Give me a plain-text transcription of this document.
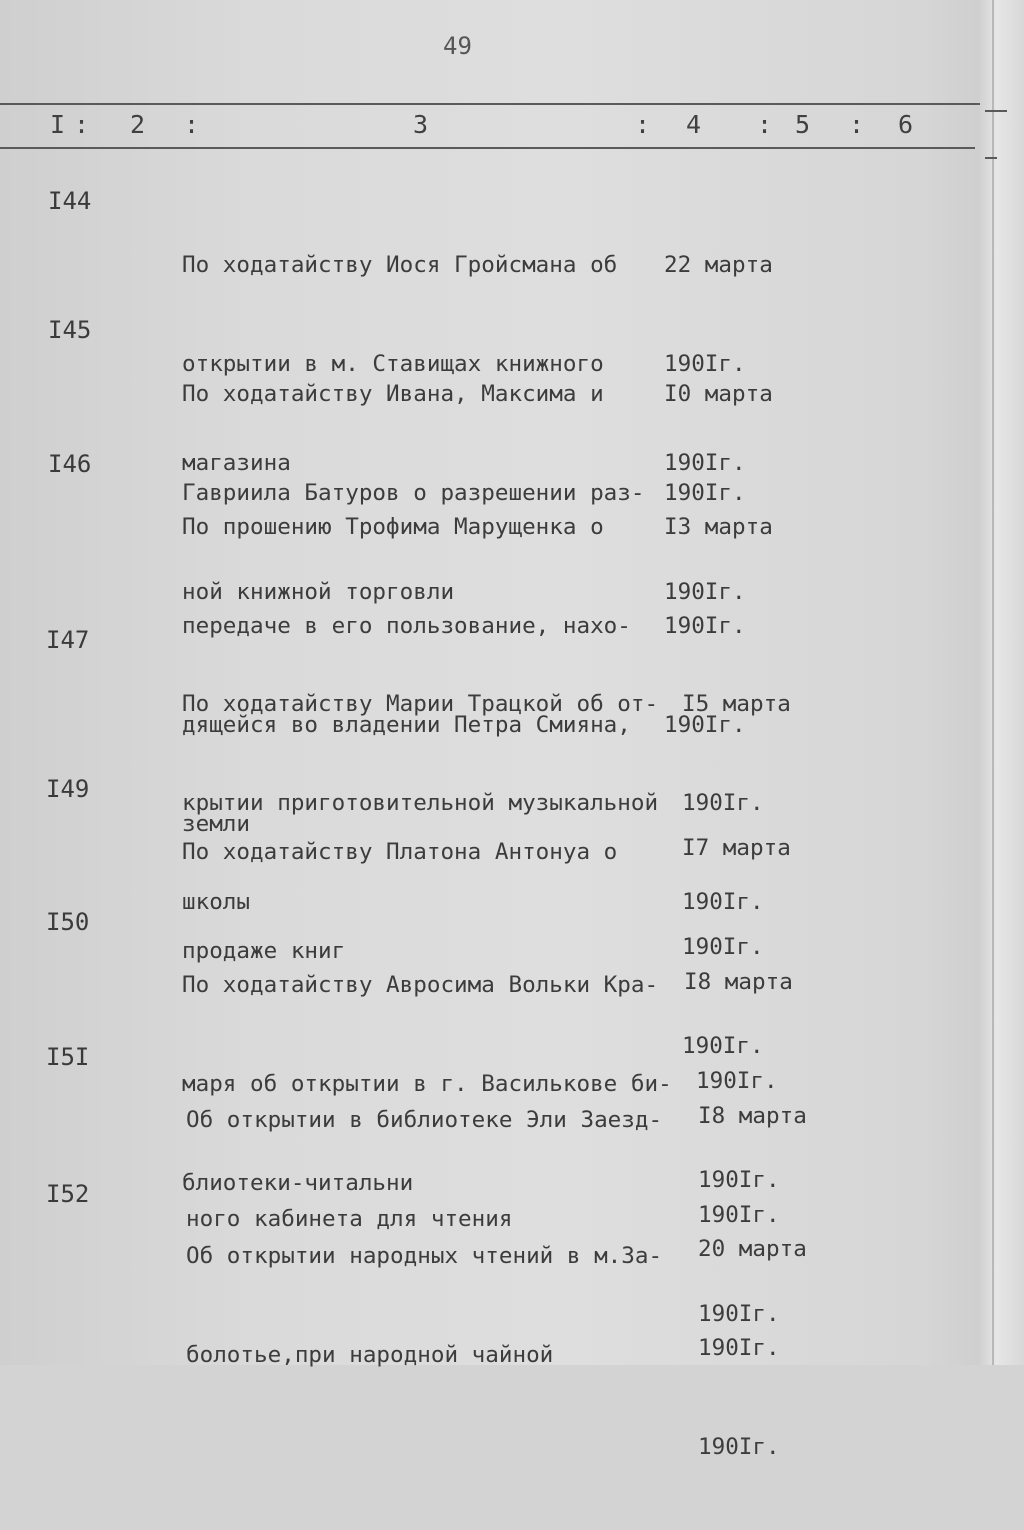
49
I : 2 :	3	: 4 : 5 : 6
I44

По ходатайству Иося Гройсмана об

открытии в м. Ставищах книжного

магазина

22 марта

190Iг.

190Iг.

I45

По ходатайству Ивана, Максима и

Гавриила Батуров о разрешении раз-

ной книжной торговли

I0 марта

190Iг.

190Iг.

I46

По прошению Трофима Марущенка о

передаче в его пользование, нахо-

дящейся во владении Петра Смияна,

земли

I3 марта

190Iг.

190Iг.

I47

По ходатайству Марии Трацкой об от-

крытии приготовительной музыкальной

школы

I5 марта

190Iг.

190Iг.

I49

По ходатайству Платона Антонуа о

продаже книг

I7 марта

190Iг.

190Iг.

I50

По ходатайству Авросима Вольки Кра-

маря об открытии в г. Василькове би-

блиотеки-читальни

I8 марта

190Iг.

190Iг.

I5I

Об открытии в библиотеке Эли Заезд-

ного кабинета для чтения

I8 марта

190Iг.

190Iг.

I52

Об открытии народных чтений в м.За-

болотье,при народной чайной

20 марта

190Iг.

190Iг.
